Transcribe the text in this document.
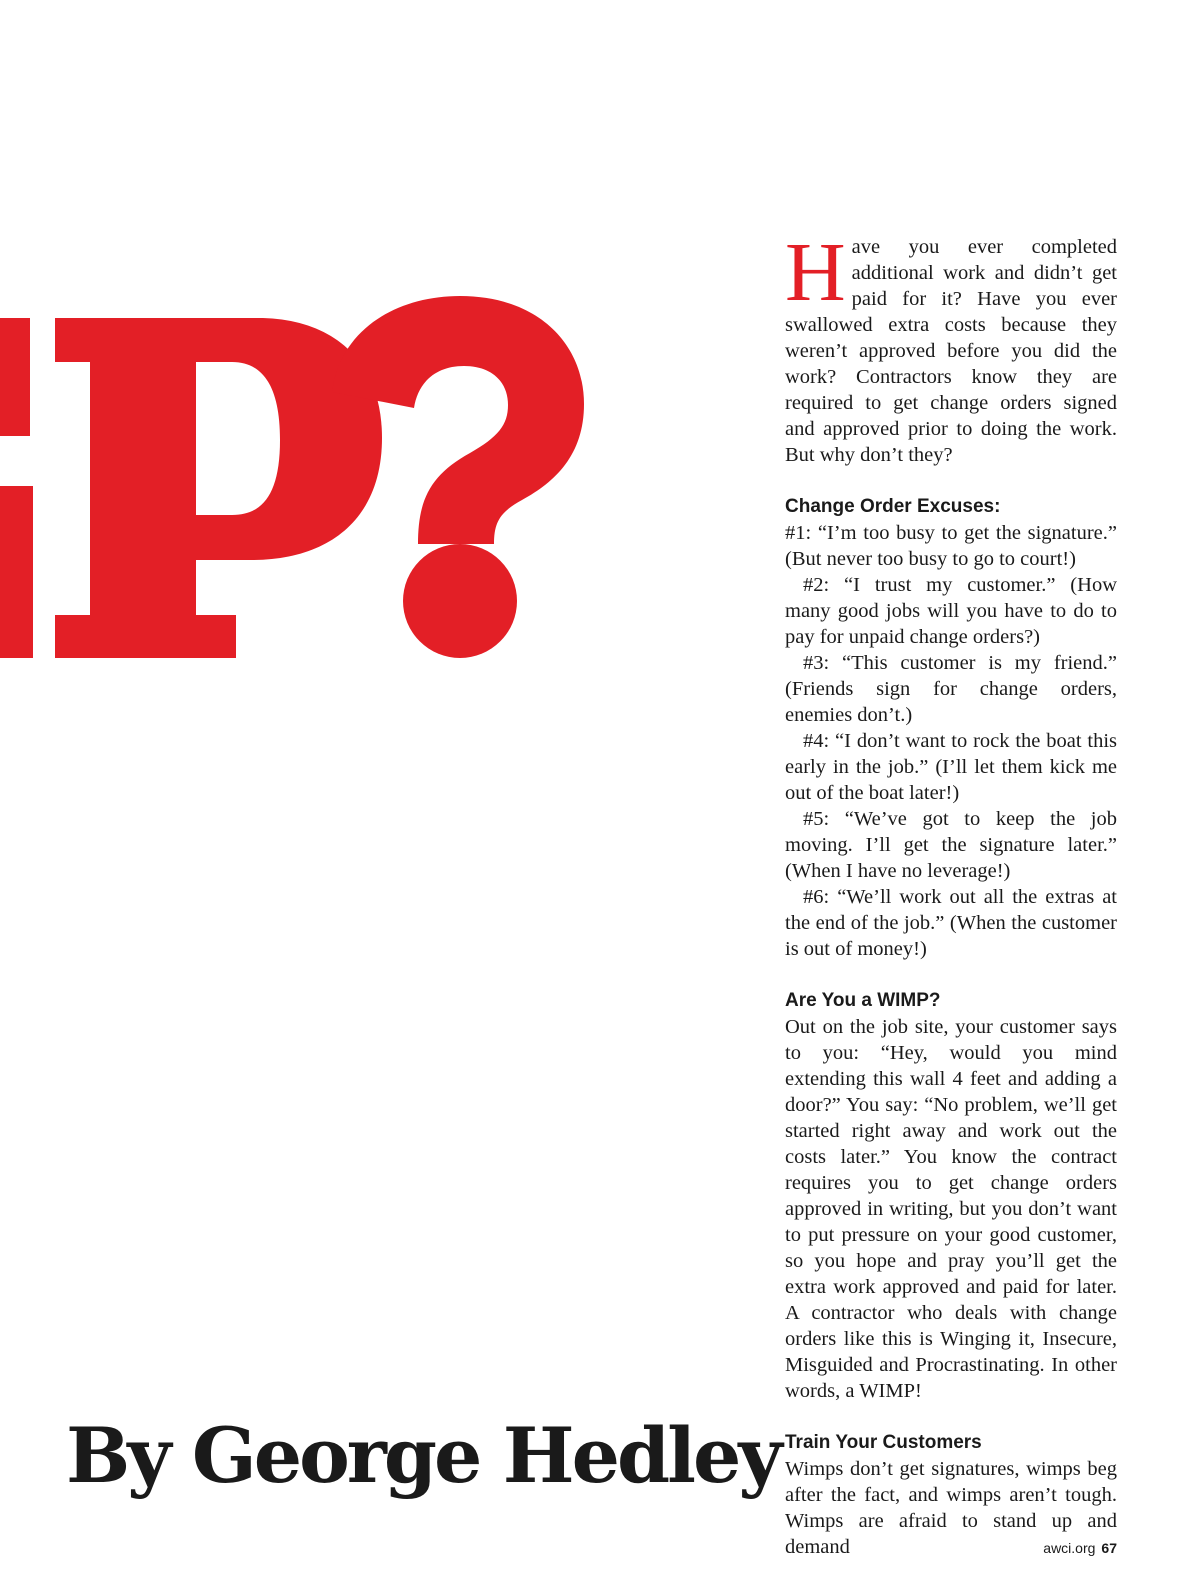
By George Hedley

Have you ever completed additional work and didn’t get paid for it? Have you ever swallowed extra costs because they weren’t approved before you did the work? Contractors know they are required to get change orders signed and approved prior to doing the work. But why don’t they?

Change Order Excuses:

#1: “I’m too busy to get the signature.” (But never too busy to go to court!)

#2: “I trust my customer.” (How many good jobs will you have to do to pay for unpaid change orders?)

#3: “This customer is my friend.” (Friends sign for change orders, enemies don’t.)

#4: “I don’t want to rock the boat this early in the job.” (I’ll let them kick me out of the boat later!)

#5: “We’ve got to keep the job moving. I’ll get the signature later.” (When I have no leverage!)

#6: “We’ll work out all the extras at the end of the job.” (When the customer is out of money!)

Are You a WIMP?

Out on the job site, your customer says to you: “Hey, would you mind extending this wall 4 feet and adding a door?” You say: “No problem, we’ll get started right away and work out the costs later.” You know the contract requires you to get change orders approved in writing, but you don’t want to put pressure on your good customer, so you hope and pray you’ll get the extra work approved and paid for later. A contractor who deals with change orders like this is Winging it, Insecure, Misguided and Procrastinating. In other words, a WIMP!

Train Your Customers

Wimps don’t get signatures, wimps beg after the fact, and wimps aren’t tough. Wimps are afraid to stand up and demand	awci.org 67
